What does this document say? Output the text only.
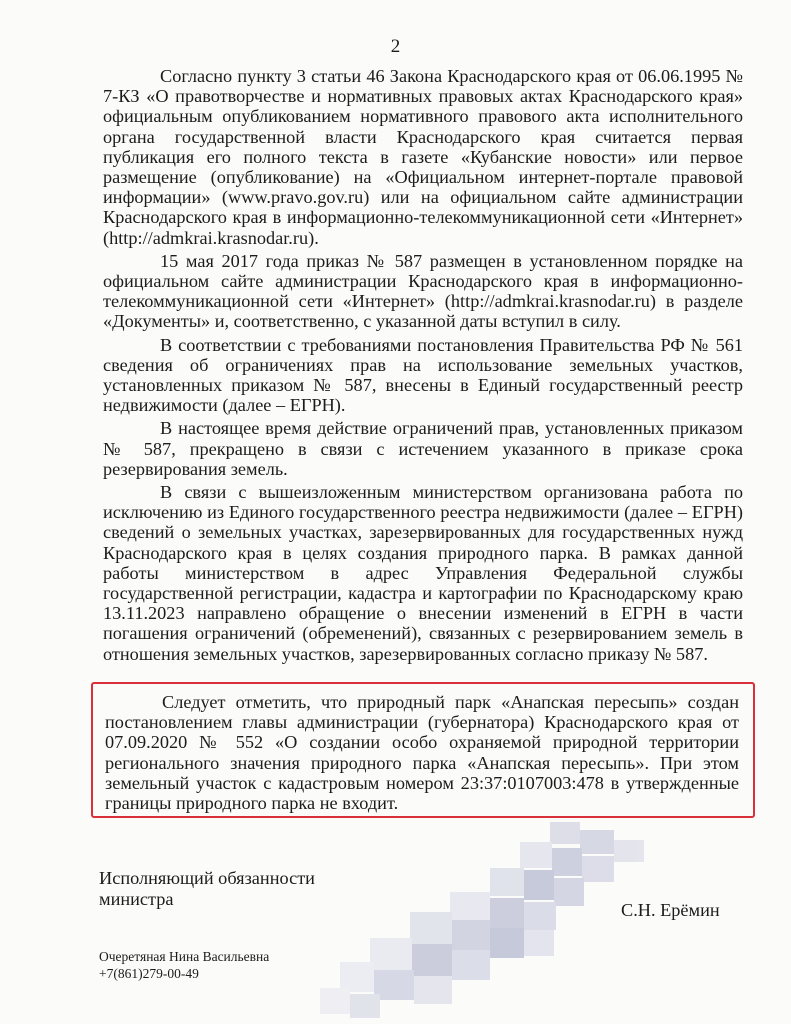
2

Согласно пункту 3 статьи 46 Закона Краснодарского края от 06.06.1995 № 7-КЗ «О правотворчестве и нормативных правовых актах Краснодарского края» официальным опубликованием нормативного правового акта исполнительного органа государственной власти Краснодарского края считается первая публикация его полного текста в газете «Кубанские новости» или первое размещение (опубликование) на «Официальном интернет-портале правовой информации» (www.pravo.gov.ru) или на официальном сайте администрации Краснодарского края в информационно-телекоммуникационной сети «Интернет» (http://admkrai.krasnodar.ru).

15 мая 2017 года приказ № 587 размещен в установленном порядке на официальном сайте администрации Краснодарского края в информационно-телекоммуникационной сети «Интернет» (http://admkrai.krasnodar.ru) в разделе «Документы» и, соответственно, с указанной даты вступил в силу.

В соответствии с требованиями постановления Правительства РФ № 561 сведения об ограничениях прав на использование земельных участков, установленных приказом № 587, внесены в Единый государственный реестр недвижимости (далее – ЕГРН).

В настоящее время действие ограничений прав, установленных приказом № 587, прекращено в связи с истечением указанного в приказе срока резервирования земель.

В связи с вышеизложенным министерством организована работа по исключению из Единого государственного реестра недвижимости (далее – ЕГРН) сведений о земельных участках, зарезервированных для государственных нужд Краснодарского края в целях создания природного парка. В рамках данной работы министерством в адрес Управления Федеральной службы государственной регистрации, кадастра и картографии по Краснодарскому краю 13.11.2023 направлено обращение о внесении изменений в ЕГРН в части погашения ограничений (обременений), связанных с резервированием земель в отношения земельных участков, зарезервированных согласно приказу № 587.

Следует отметить, что природный парк «Анапская пересыпь» создан постановлением главы администрации (губернатора) Краснодарского края от 07.09.2020 № 552 «О создании особо охраняемой природной территории регионального значения природного парка «Анапская пересыпь». При этом земельный участок с кадастровым номером 23:37:0107003:478 в утвержденные границы природного парка не входит.

Исполняющий обязанности
министра
С.Н. Ерёмин
Очеретяная Нина Васильевна
+7(861)279-00-49
